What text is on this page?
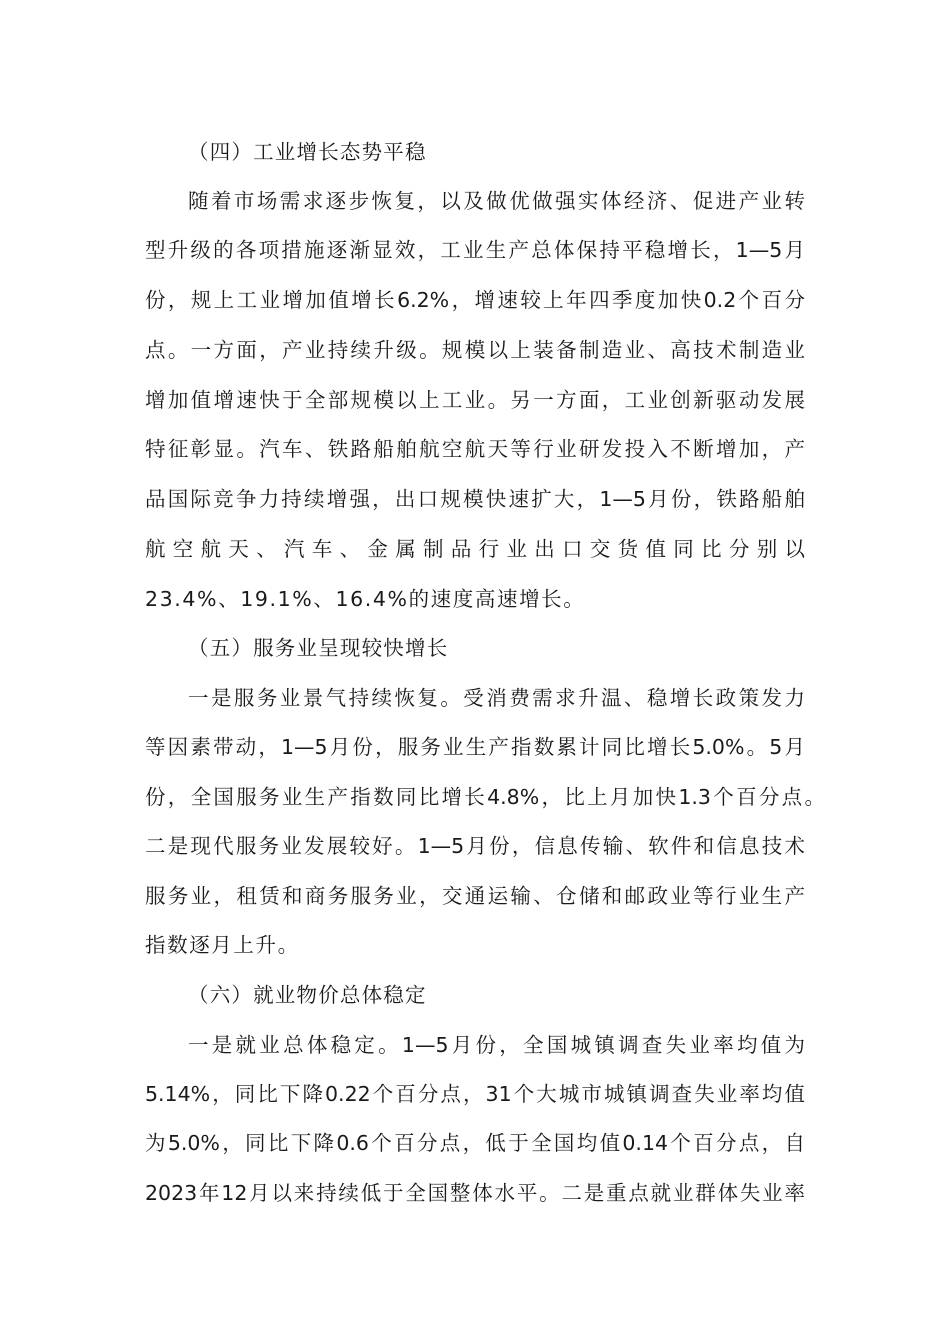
（四）工业增长态势平稳
随着市场需求逐步恢复，以及做优做强实体经济、促进产业转
型升级的各项措施逐渐显效，工业生产总体保持平稳增长，1—5月
份，规上工业增加值增长6.2%，增速较上年四季度加快0.2个百分
点。一方面，产业持续升级。规模以上装备制造业、高技术制造业
增加值增速快于全部规模以上工业。另一方面，工业创新驱动发展
特征彰显。汽车、铁路船舶航空航天等行业研发投入不断增加，产
品国际竞争力持续增强，出口规模快速扩大，1—5月份，铁路船舶
航空航天、汽车、金属制品行业出口交货值同比分别以
23.4%、19.1%、16.4%的速度高速增长。
（五）服务业呈现较快增长
一是服务业景气持续恢复。受消费需求升温、稳增长政策发力
等因素带动，1—5月份，服务业生产指数累计同比增长5.0%。5月
份，全国服务业生产指数同比增长4.8%，比上月加快1.3个百分点。
二是现代服务业发展较好。1—5月份，信息传输、软件和信息技术
服务业，租赁和商务服务业，交通运输、仓储和邮政业等行业生产
指数逐月上升。
（六）就业物价总体稳定
一是就业总体稳定。1—5月份，全国城镇调查失业率均值为
5.14%，同比下降0.22个百分点，31个大城市城镇调查失业率均值
为5.0%，同比下降0.6个百分点，低于全国均值0.14个百分点，自
2023年12月以来持续低于全国整体水平。二是重点就业群体失业率
